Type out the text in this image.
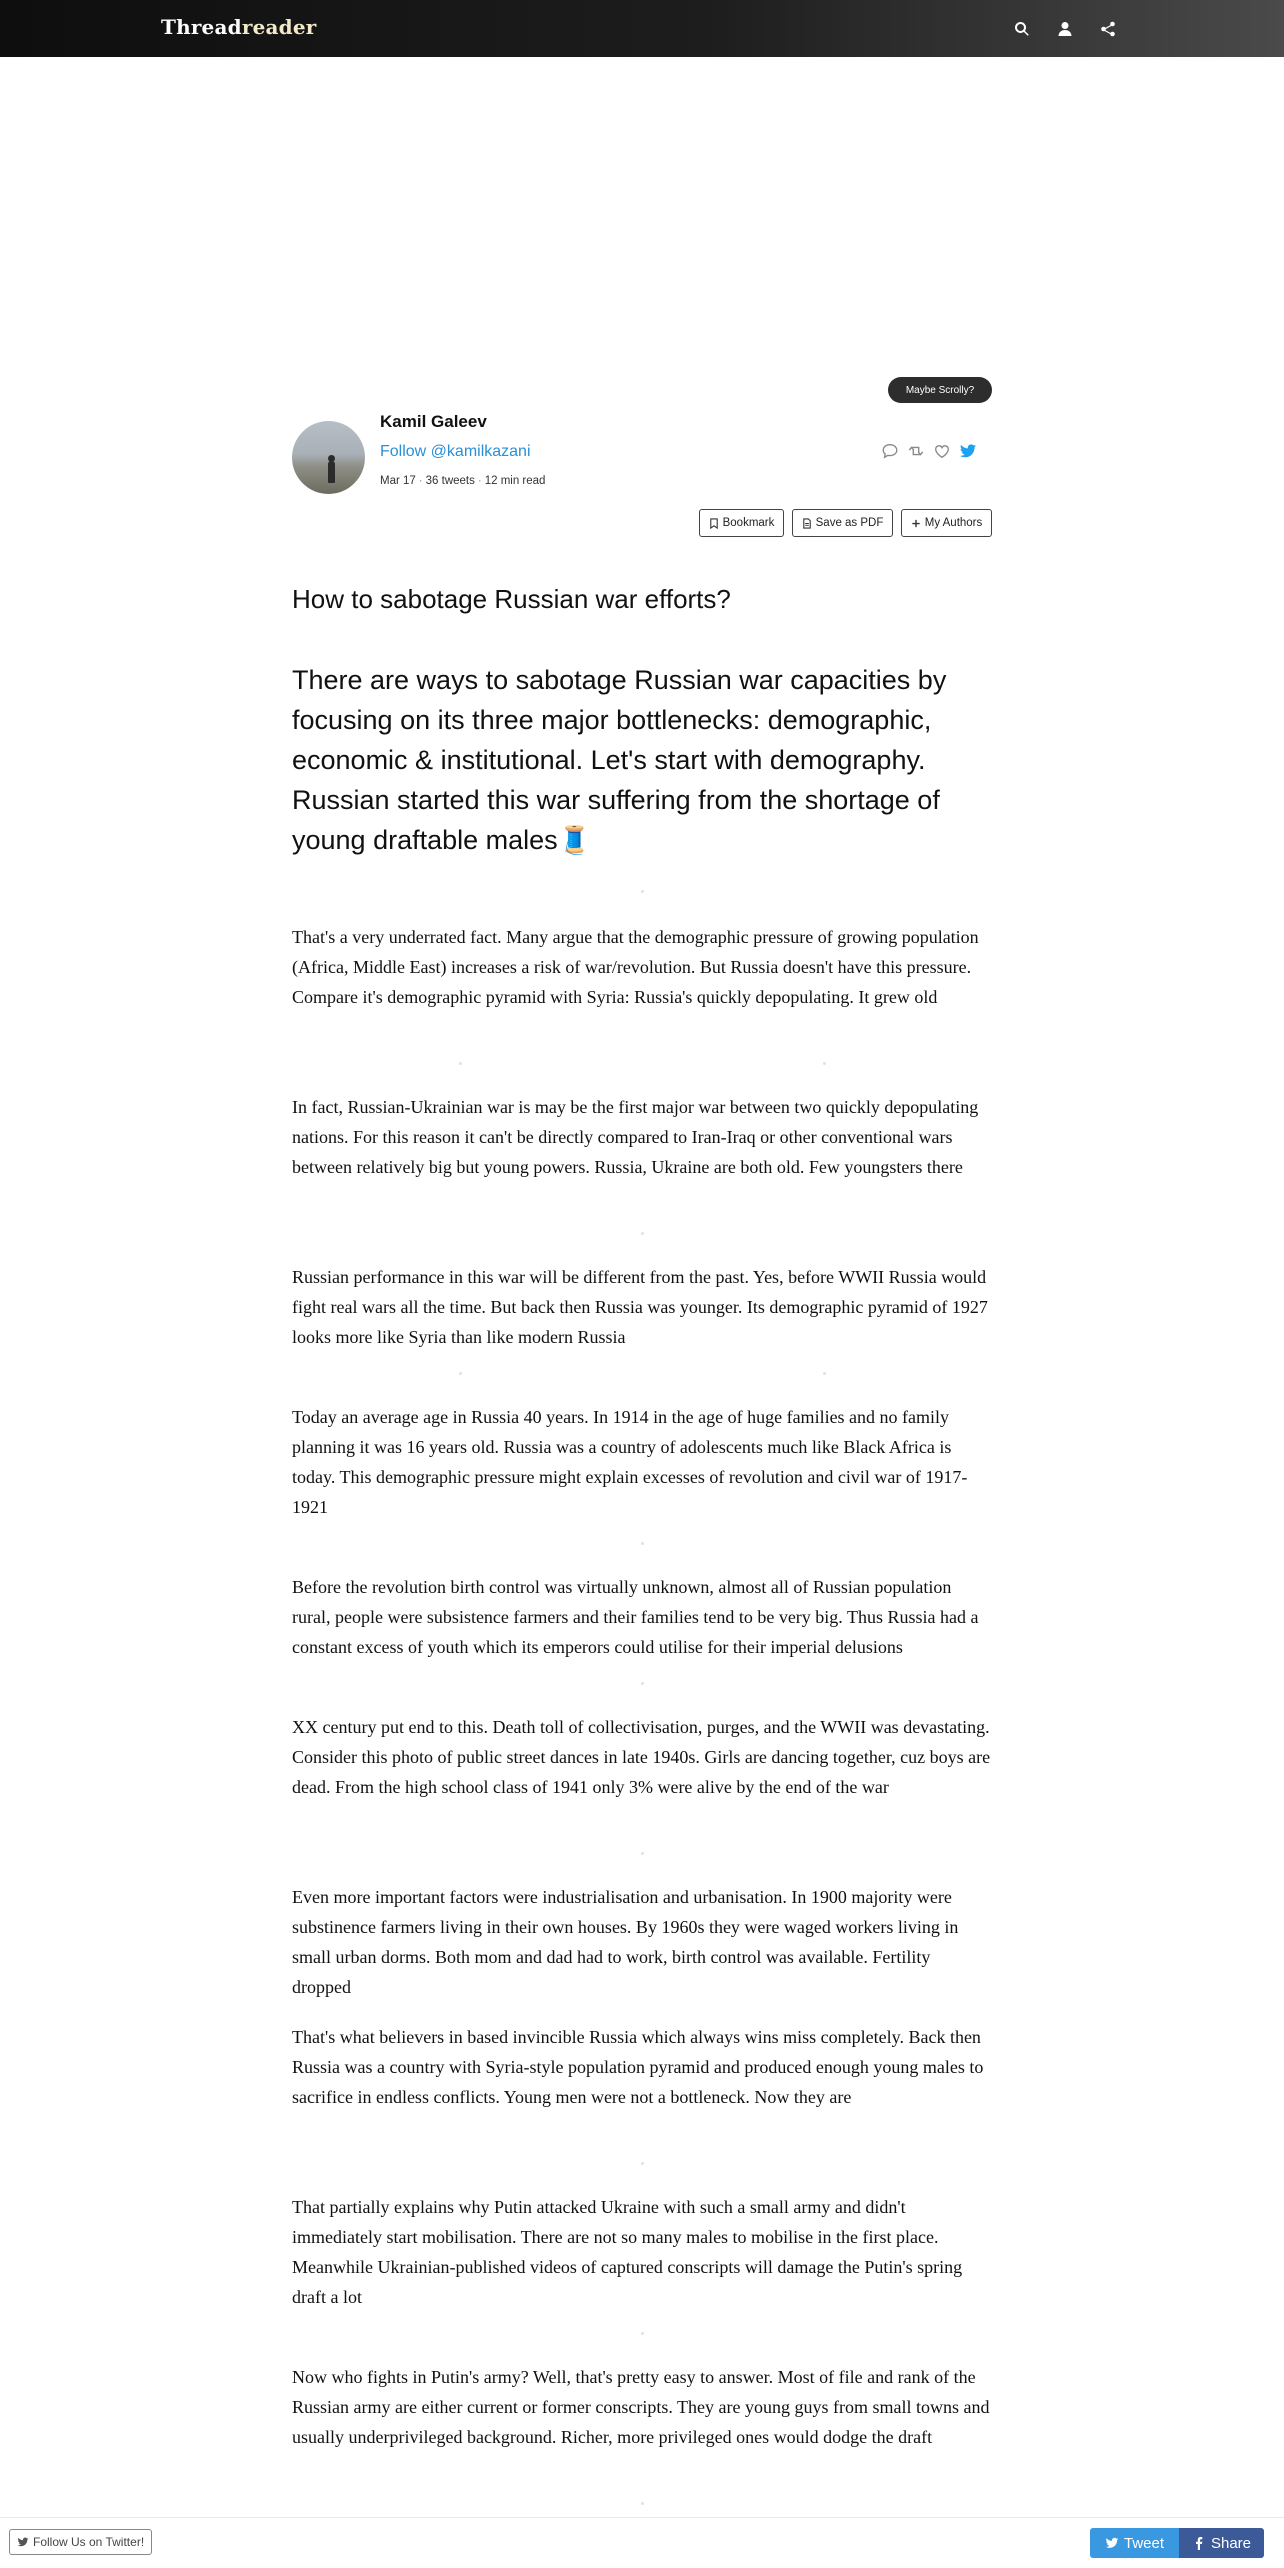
Threadreader
Maybe Scrolly?
Kamil Galeev
Follow @kamilkazani
Mar 17 · 36 tweets · 12 min read
Bookmark	Save as PDF	My Authors
How to sabotage Russian war efforts?
There are ways to sabotage Russian war capacities by focusing on its three major bottlenecks: demographic, economic & institutional. Let's start with demography. Russian started this war suffering from the shortage of young draftable males🧵

That's a very underrated fact. Many argue that the demographic pressure of growing population (Africa, Middle East) increases a risk of war/revolution. But Russia doesn't have this pressure. Compare it's demographic pyramid with Syria: Russia's quickly depopulating. It grew old

In fact, Russian-Ukrainian war is may be the first major war between two quickly depopulating nations. For this reason it can't be directly compared to Iran-Iraq or other conventional wars between relatively big but young powers. Russia, Ukraine are both old. Few youngsters there

Russian performance in this war will be different from the past. Yes, before WWII Russia would fight real wars all the time. But back then Russia was younger. Its demographic pyramid of 1927 looks more like Syria than like modern Russia

Today an average age in Russia 40 years. In 1914 in the age of huge families and no family planning it was 16 years old. Russia was a country of adolescents much like Black Africa is today. This demographic pressure might explain excesses of revolution and civil war of 1917-1921

Before the revolution birth control was virtually unknown, almost all of Russian population rural, people were subsistence farmers and their families tend to be very big. Thus Russia had a constant excess of youth which its emperors could utilise for their imperial delusions

XX century put end to this. Death toll of collectivisation, purges, and the WWII was devastating. Consider this photo of public street dances in late 1940s. Girls are dancing together, cuz boys are dead. From the high school class of 1941 only 3% were alive by the end of the war

Even more important factors were industrialisation and urbanisation. In 1900 majority were substinence farmers living in their own houses. By 1960s they were waged workers living in small urban dorms. Both mom and dad had to work, birth control was available. Fertility dropped

That's what believers in based invincible Russia which always wins miss completely. Back then Russia was a country with Syria-style population pyramid and produced enough young males to sacrifice in endless conflicts. Young men were not a bottleneck. Now they are

That partially explains why Putin attacked Ukraine with such a small army and didn't immediately start mobilisation. There are not so many males to mobilise in the first place. Meanwhile Ukrainian-published videos of captured conscripts will damage the Putin's spring draft a lot

Now who fights in Putin's army? Well, that's pretty easy to answer. Most of file and rank of the Russian army are either current or former conscripts. They are young guys from small towns and usually underprivileged background. Richer, more privileged ones would dodge the draft

Follow Us on Twitter!	Tweet	Share
